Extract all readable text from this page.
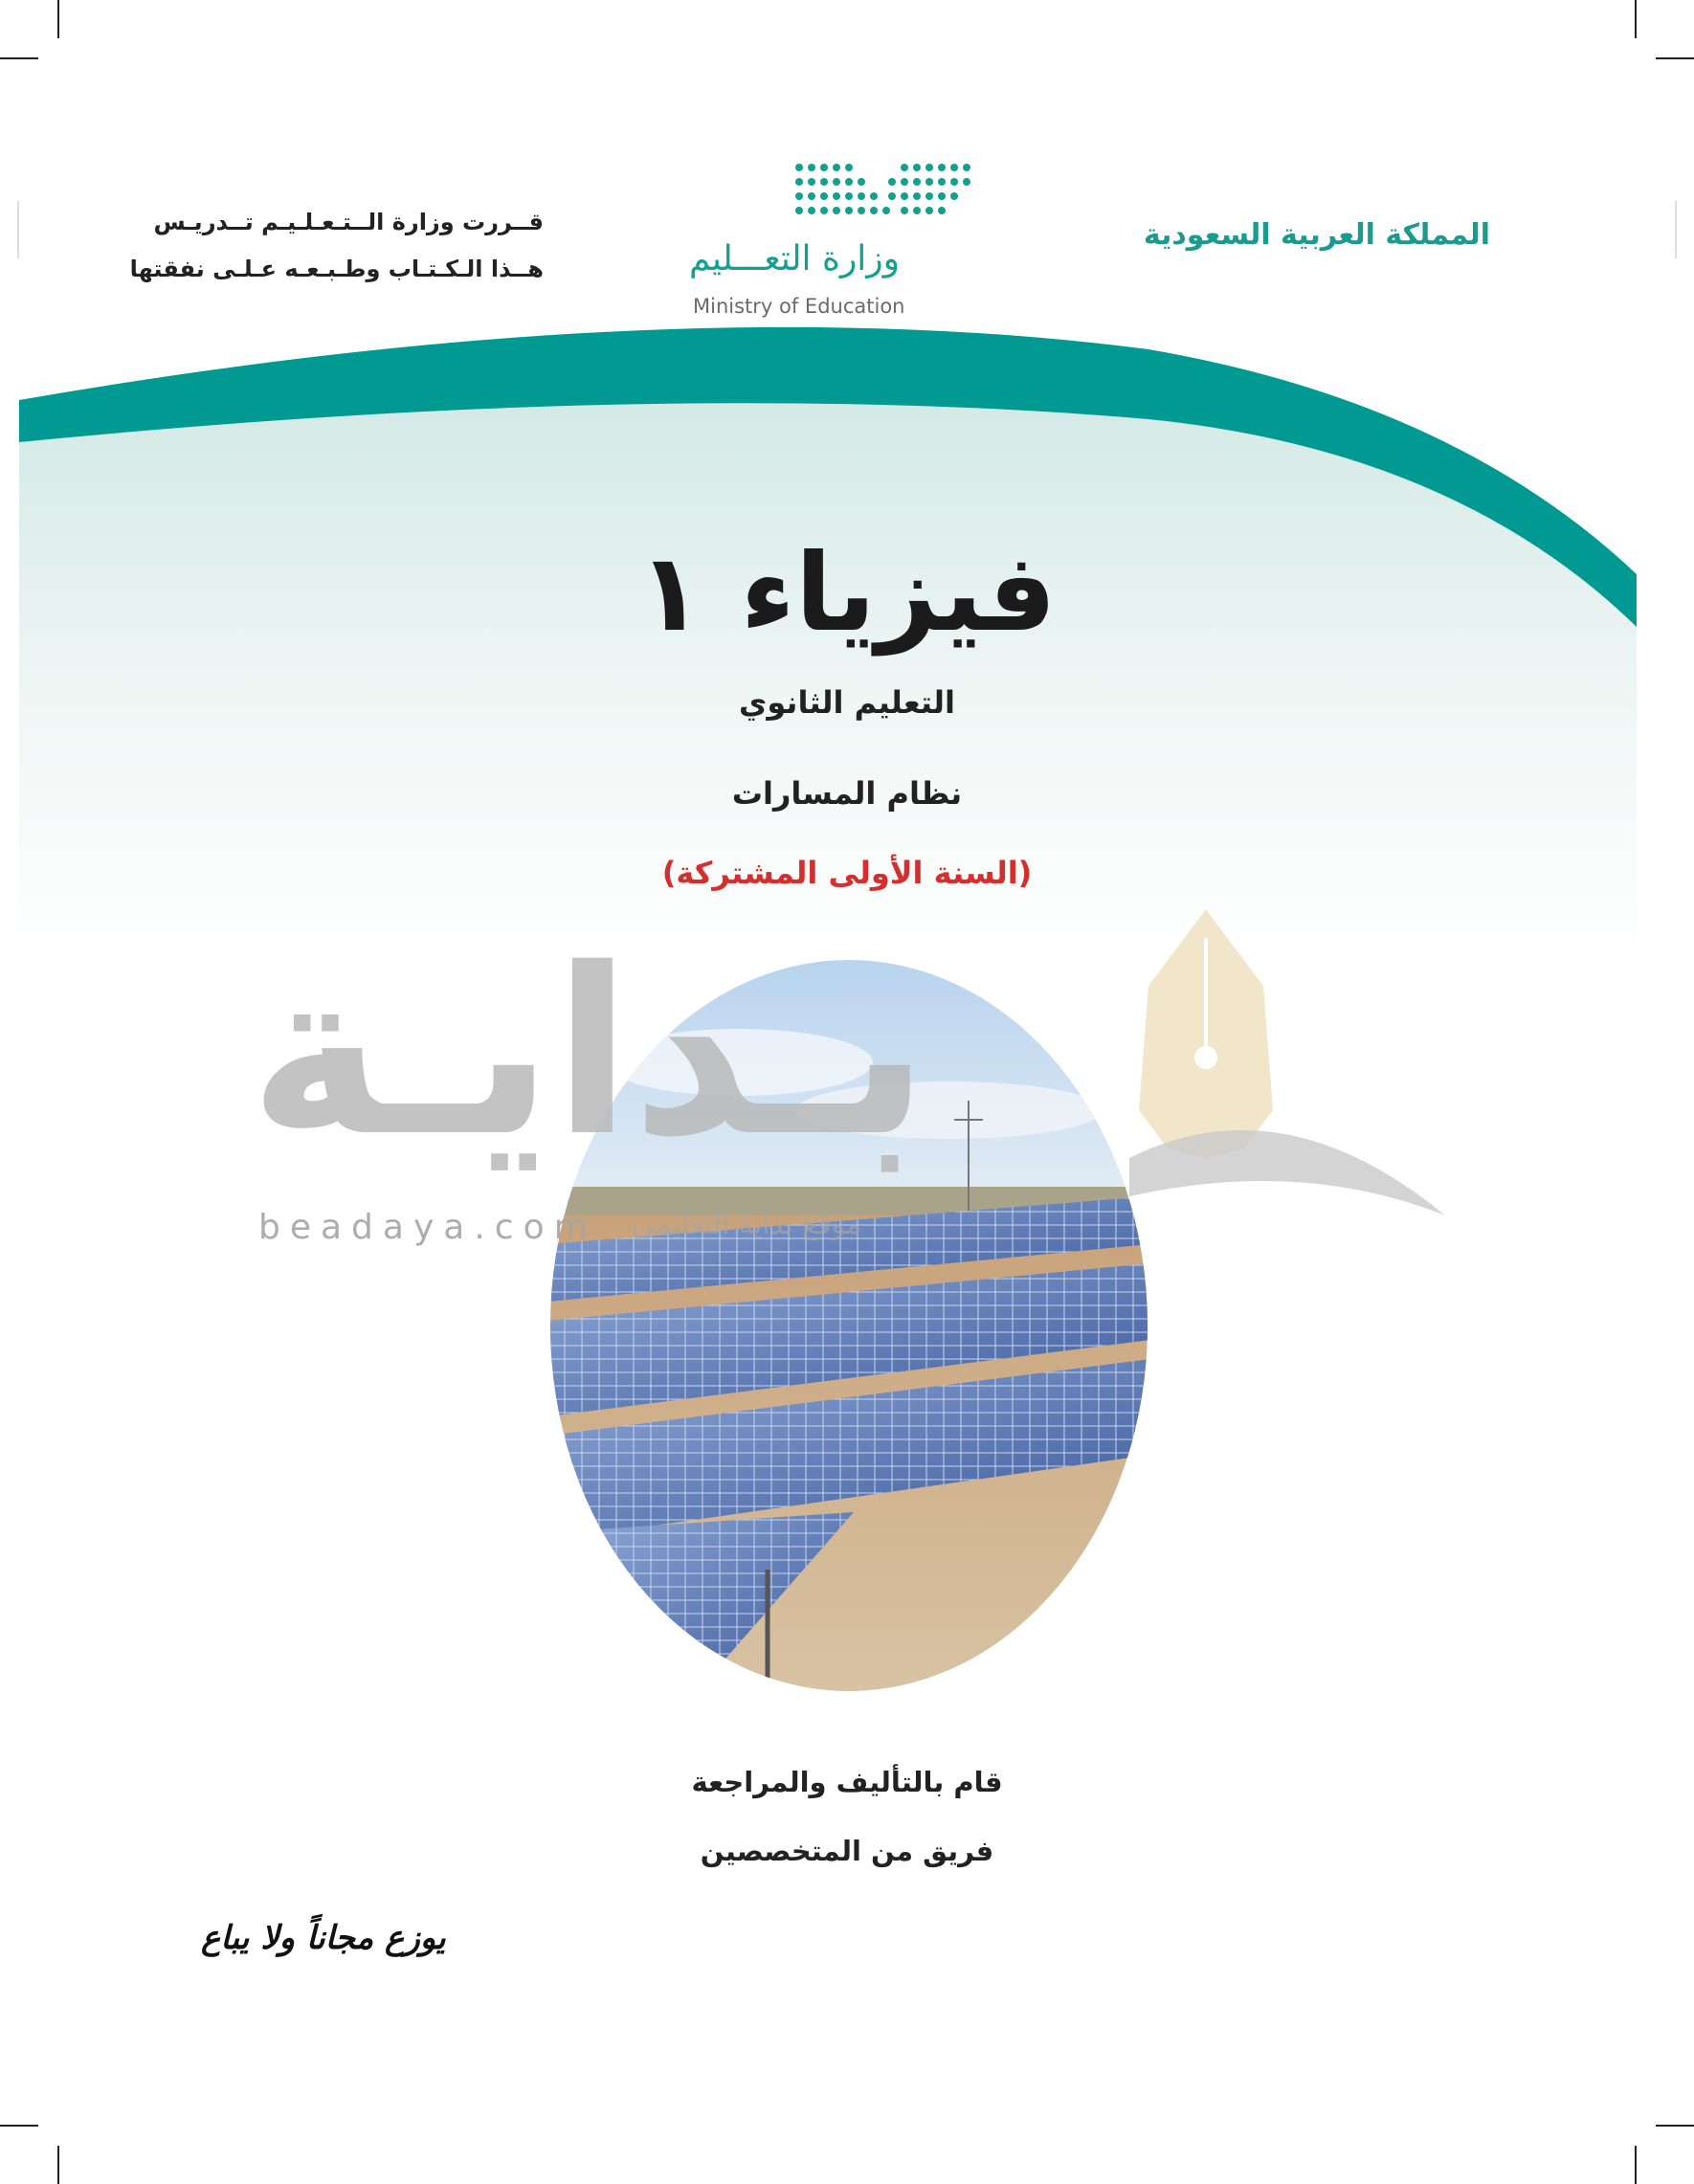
المملكة العربية السعودية
قــررت وزارة الــتـعـلـيـم تــدريـس
هــذا الـكـتـاب وطـبـعـه عـلـى نفقتها	وزارة التعـــليم
Ministry of Education
فيزياء ١
التعليم الثانوي
نظام المسارات
(السنة الأولى المشتركة)
بـدايـة
beadaya.com موقع بداية التعليمي
قام بالتأليف والمراجعة
فريق من المتخصصين
يوزع مجاناً ولا يباع
